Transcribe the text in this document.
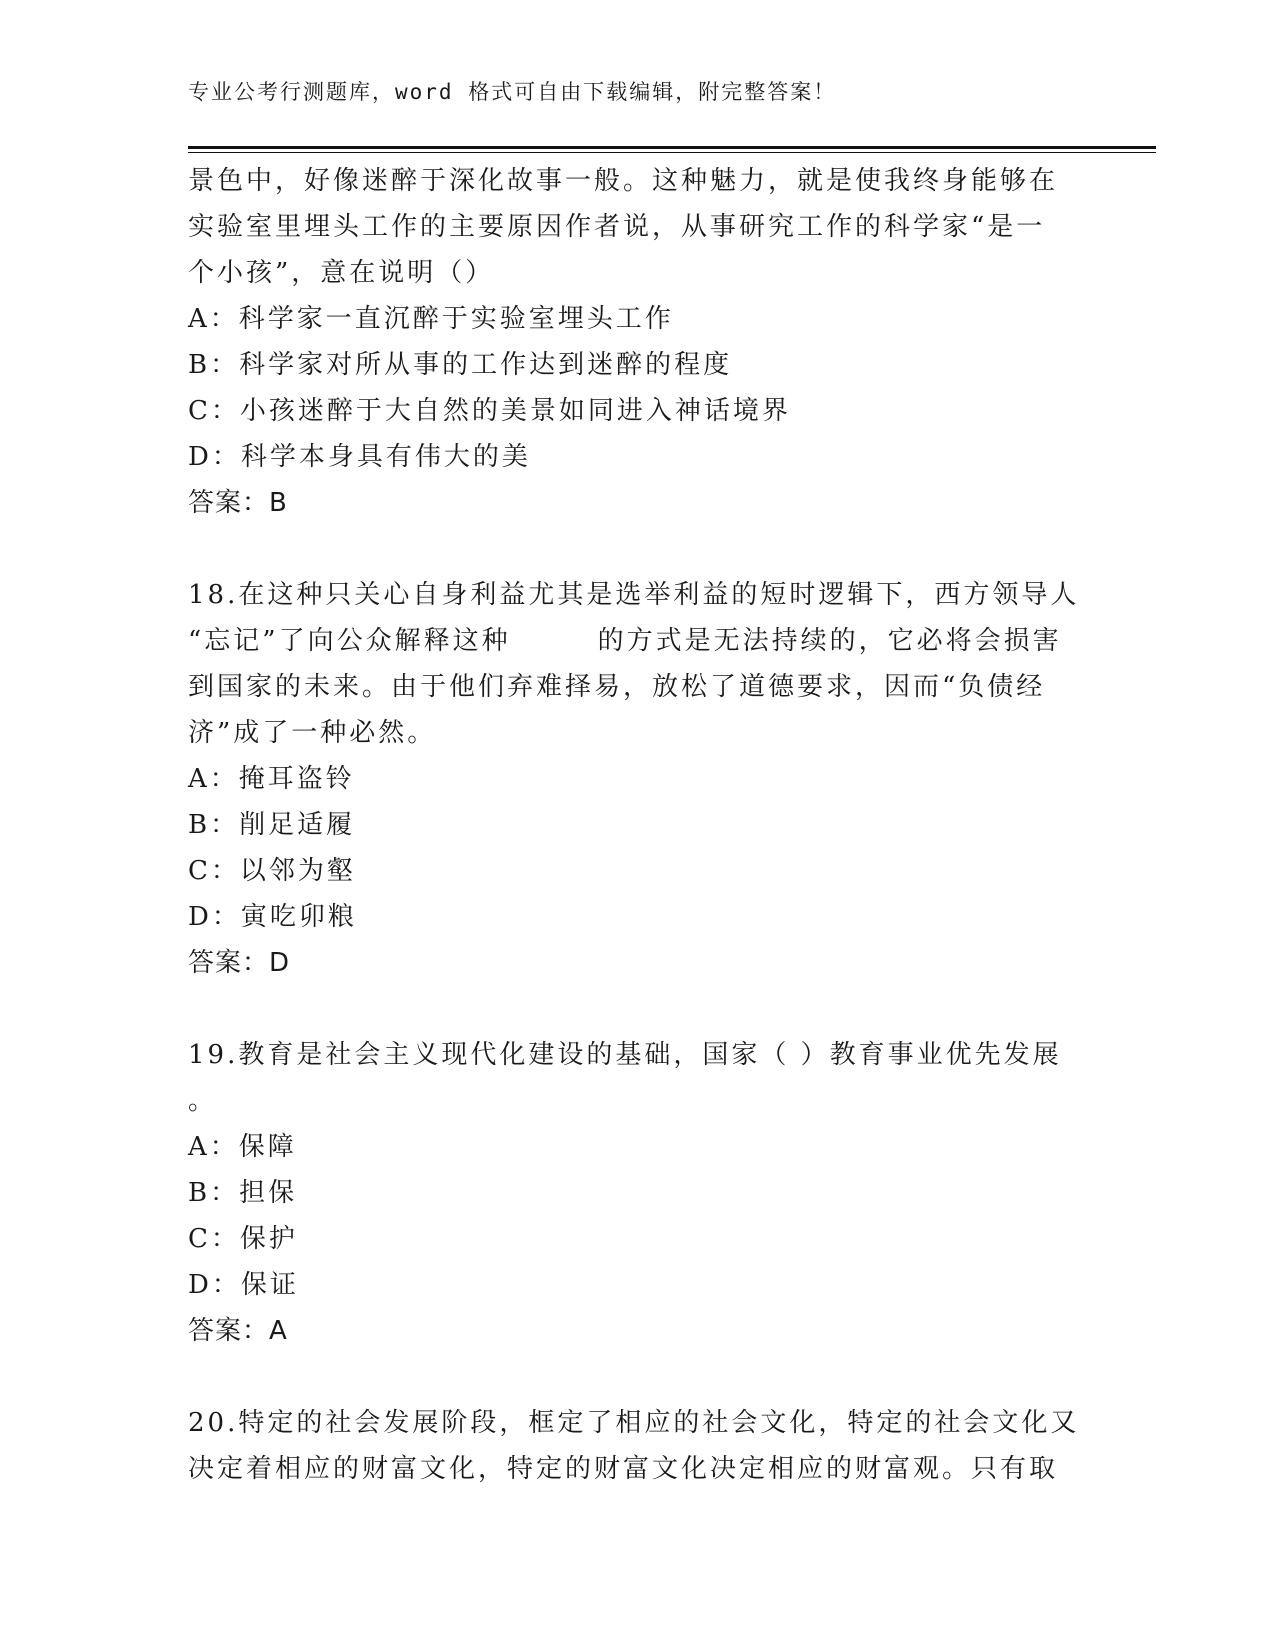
专业公考行测题库，word 格式可自由下载编辑，附完整答案！
景色中，好像迷醉于深化故事一般。这种魅力，就是使我终身能够在
实验室里埋头工作的主要原因作者说，从事研究工作的科学家“是一
个小孩”，意在说明（）
A：科学家一直沉醉于实验室埋头工作
B：科学家对所从事的工作达到迷醉的程度
C：小孩迷醉于大自然的美景如同进入神话境界
D：科学本身具有伟大的美
答案：B
18.在这种只关心自身利益尤其是选举利益的短时逻辑下，西方领导人
“忘记”了向公众解释这种　　　的方式是无法持续的，它必将会损害
到国家的未来。由于他们弃难择易，放松了道德要求，因而“负债经
济”成了一种必然。
A：掩耳盗铃
B：削足适履
C：以邻为壑
D：寅吃卯粮
答案：D
19.教育是社会主义现代化建设的基础，国家（ ）教育事业优先发展
。
A：保障
B：担保
C：保护
D：保证
答案：A
20.特定的社会发展阶段，框定了相应的社会文化，特定的社会文化又
决定着相应的财富文化，特定的财富文化决定相应的财富观。只有取
